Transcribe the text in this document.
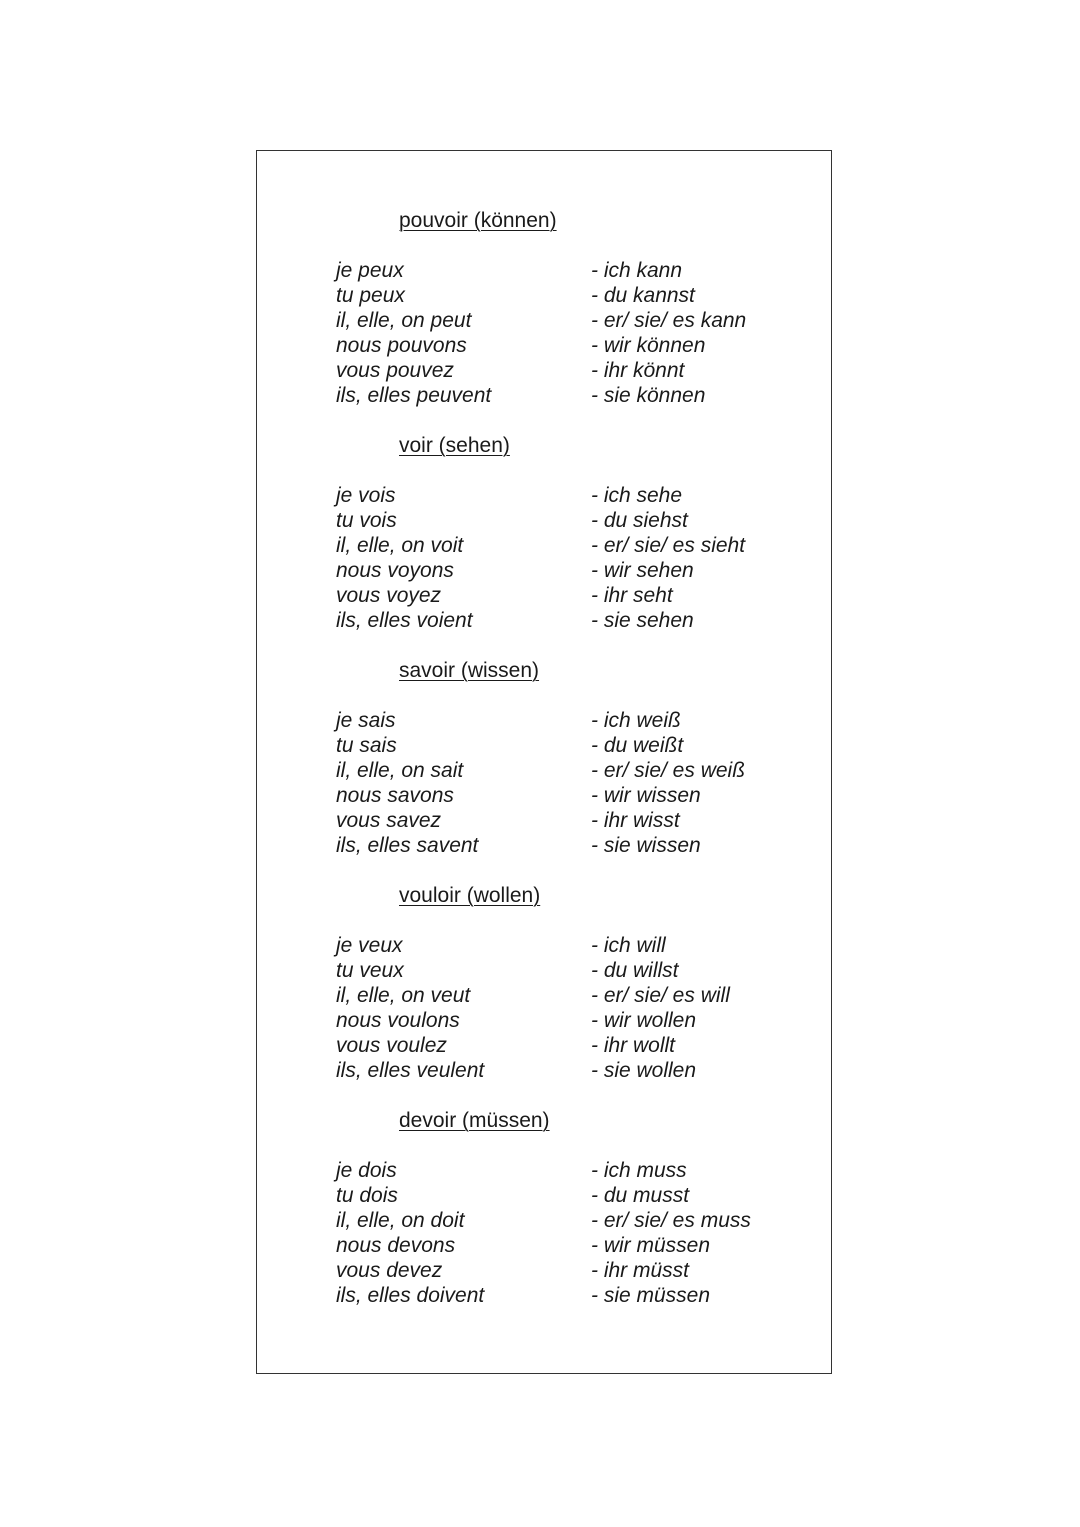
pouvoir (können)
je peux
tu peux
il, elle, on peut
nous pouvons
vous pouvez
ils, elles peuvent
- ich kann
- du kannst
- er/ sie/ es kann
- wir können
- ihr könnt
- sie können
voir (sehen)
je vois
tu vois
il, elle, on voit
nous voyons
vous voyez
ils, elles voient
- ich sehe
- du siehst
- er/ sie/ es sieht
- wir sehen
- ihr seht
- sie sehen
savoir (wissen)
je sais
tu sais
il, elle, on sait
nous savons
vous savez
ils, elles savent
- ich weiß
- du weißt
- er/ sie/ es weiß
- wir wissen
- ihr wisst
- sie wissen
vouloir (wollen)
je veux
tu veux
il, elle, on veut
nous voulons
vous voulez
ils, elles veulent
- ich will
- du willst
- er/ sie/ es will
- wir wollen
- ihr wollt
- sie wollen
devoir (müssen)
je dois
tu dois
il, elle, on doit
nous devons
vous devez
ils, elles doivent
- ich muss
- du musst
- er/ sie/ es muss
- wir müssen
- ihr müsst
- sie müssen
